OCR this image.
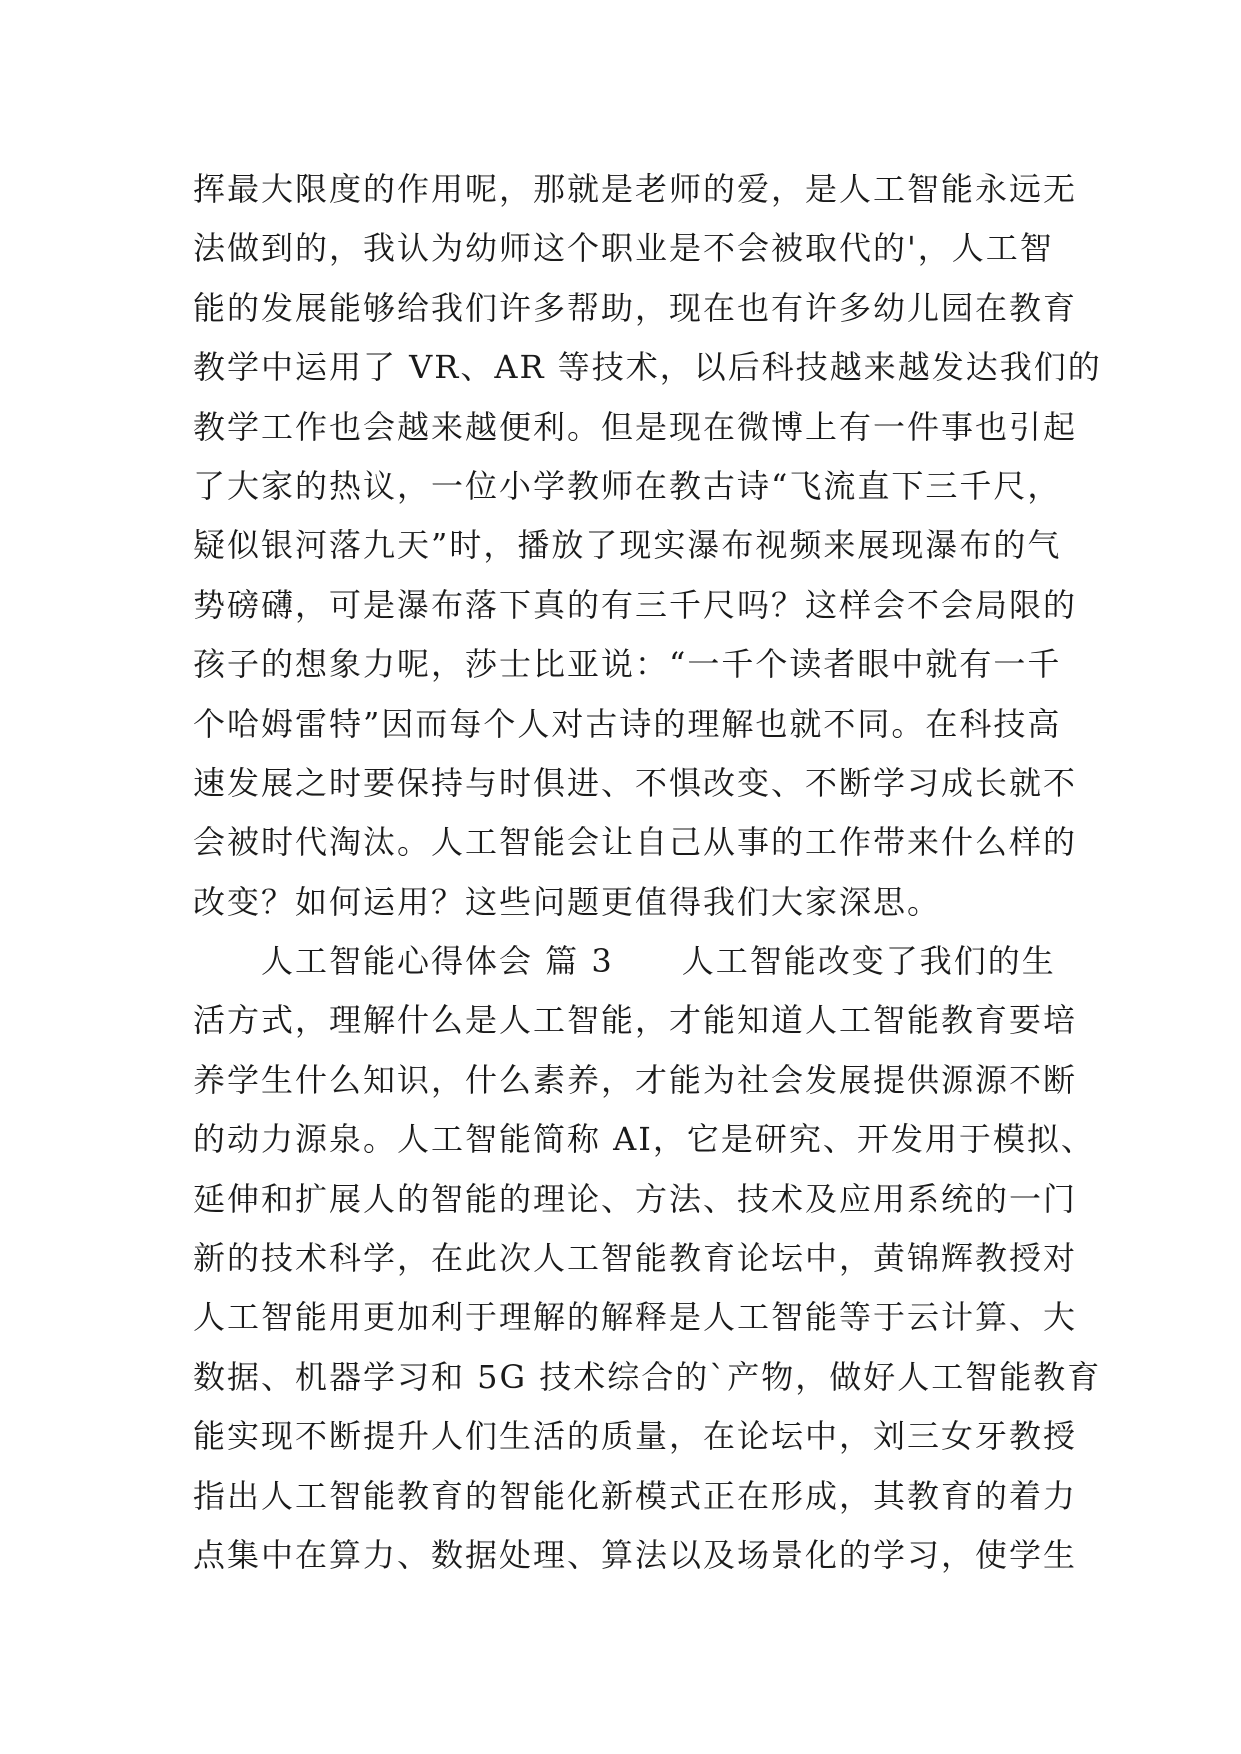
挥最大限度的作用呢，那就是老师的爱，是人工智能永远无
法做到的，我认为幼师这个职业是不会被取代的'，人工智
能的发展能够给我们许多帮助，现在也有许多幼儿园在教育
教学中运用了 VR、AR 等技术，以后科技越来越发达我们的
教学工作也会越来越便利。但是现在微博上有一件事也引起
了大家的热议，一位小学教师在教古诗“飞流直下三千尺，
疑似银河落九天”时，播放了现实瀑布视频来展现瀑布的气
势磅礴，可是瀑布落下真的有三千尺吗？这样会不会局限的
孩子的想象力呢，莎士比亚说：“一千个读者眼中就有一千
个哈姆雷特”因而每个人对古诗的理解也就不同。在科技高
速发展之时要保持与时俱进、不惧改变、不断学习成长就不
会被时代淘汰。人工智能会让自己从事的工作带来什么样的
改变？如何运用？这些问题更值得我们大家深思。
　　人工智能心得体会 篇 3　　人工智能改变了我们的生
活方式，理解什么是人工智能，才能知道人工智能教育要培
养学生什么知识，什么素养，才能为社会发展提供源源不断
的动力源泉。人工智能简称 AI，它是研究、开发用于模拟、
延伸和扩展人的智能的理论、方法、技术及应用系统的一门
新的技术科学，在此次人工智能教育论坛中，黄锦辉教授对
人工智能用更加利于理解的解释是人工智能等于云计算、大
数据、机器学习和 5G 技术综合的`产物，做好人工智能教育
能实现不断提升人们生活的质量，在论坛中，刘三女牙教授
指出人工智能教育的智能化新模式正在形成，其教育的着力
点集中在算力、数据处理、算法以及场景化的学习，使学生
